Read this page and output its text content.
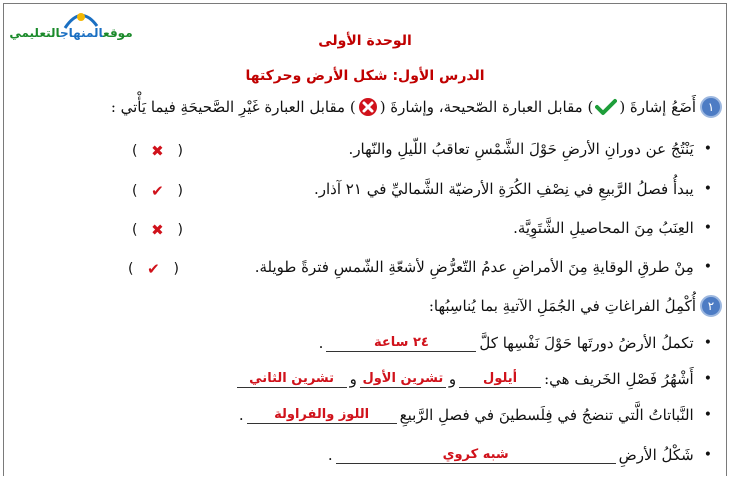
موقعالمنهاجالتعليمي	الوحدة الأولى
الدرس الأول: شكل الأرض وحركتها
١
أَضَعُ إشارةَ (
) مقابل العبارة الصّحيحة، وإشارةَ (
) مقابل العبارة غَيْرِ الصَّحيحَةِ فيما يَأْتي :
•
يَنْتُجُ عن دورانِ الأرضِ حَوْلَ الشَّمْسِ تعاقبُ اللّيلِ والنّهار.
( ✖ )
•
يبدأُ فصلُ الرَّبيعِ في نِصْفِ الكُرَةِ الأرضيّة الشَّماليِّ في ٢١ آذار.
( ✔ )
•
العِنَبُ مِنَ المحاصيلِ الشَّتَوِيَّة.
( ✖ )
•
مِنْ طرقِ الوقايةِ مِنَ الأمراضِ عدمُ التّعرُّضِ لأشعّةِ الشّمسِ فترةً طويلة.
( ✔ )
٢
أُكْمِلُ الفراغاتِ في الجُمَلِ الآتيةِ بما يُناسِبُها:
•
تكملُ الأرضُ دورتَها حَوْلَ نَفْسِها كلَّ
٢٤ ساعة
.
•
أَشْهُرُ فَصْلِ الخَريف هي:
أيلول
و
تشرين الأول
و
تشرين الثاني
•
النَّباتاتُ الَّتي تنضجُ في فِلَسطينَ في فصلِ الرَّبيعِ
اللوز والفراولة
.
•
شَكْلُ الأرضِ
شبه كروي
.
